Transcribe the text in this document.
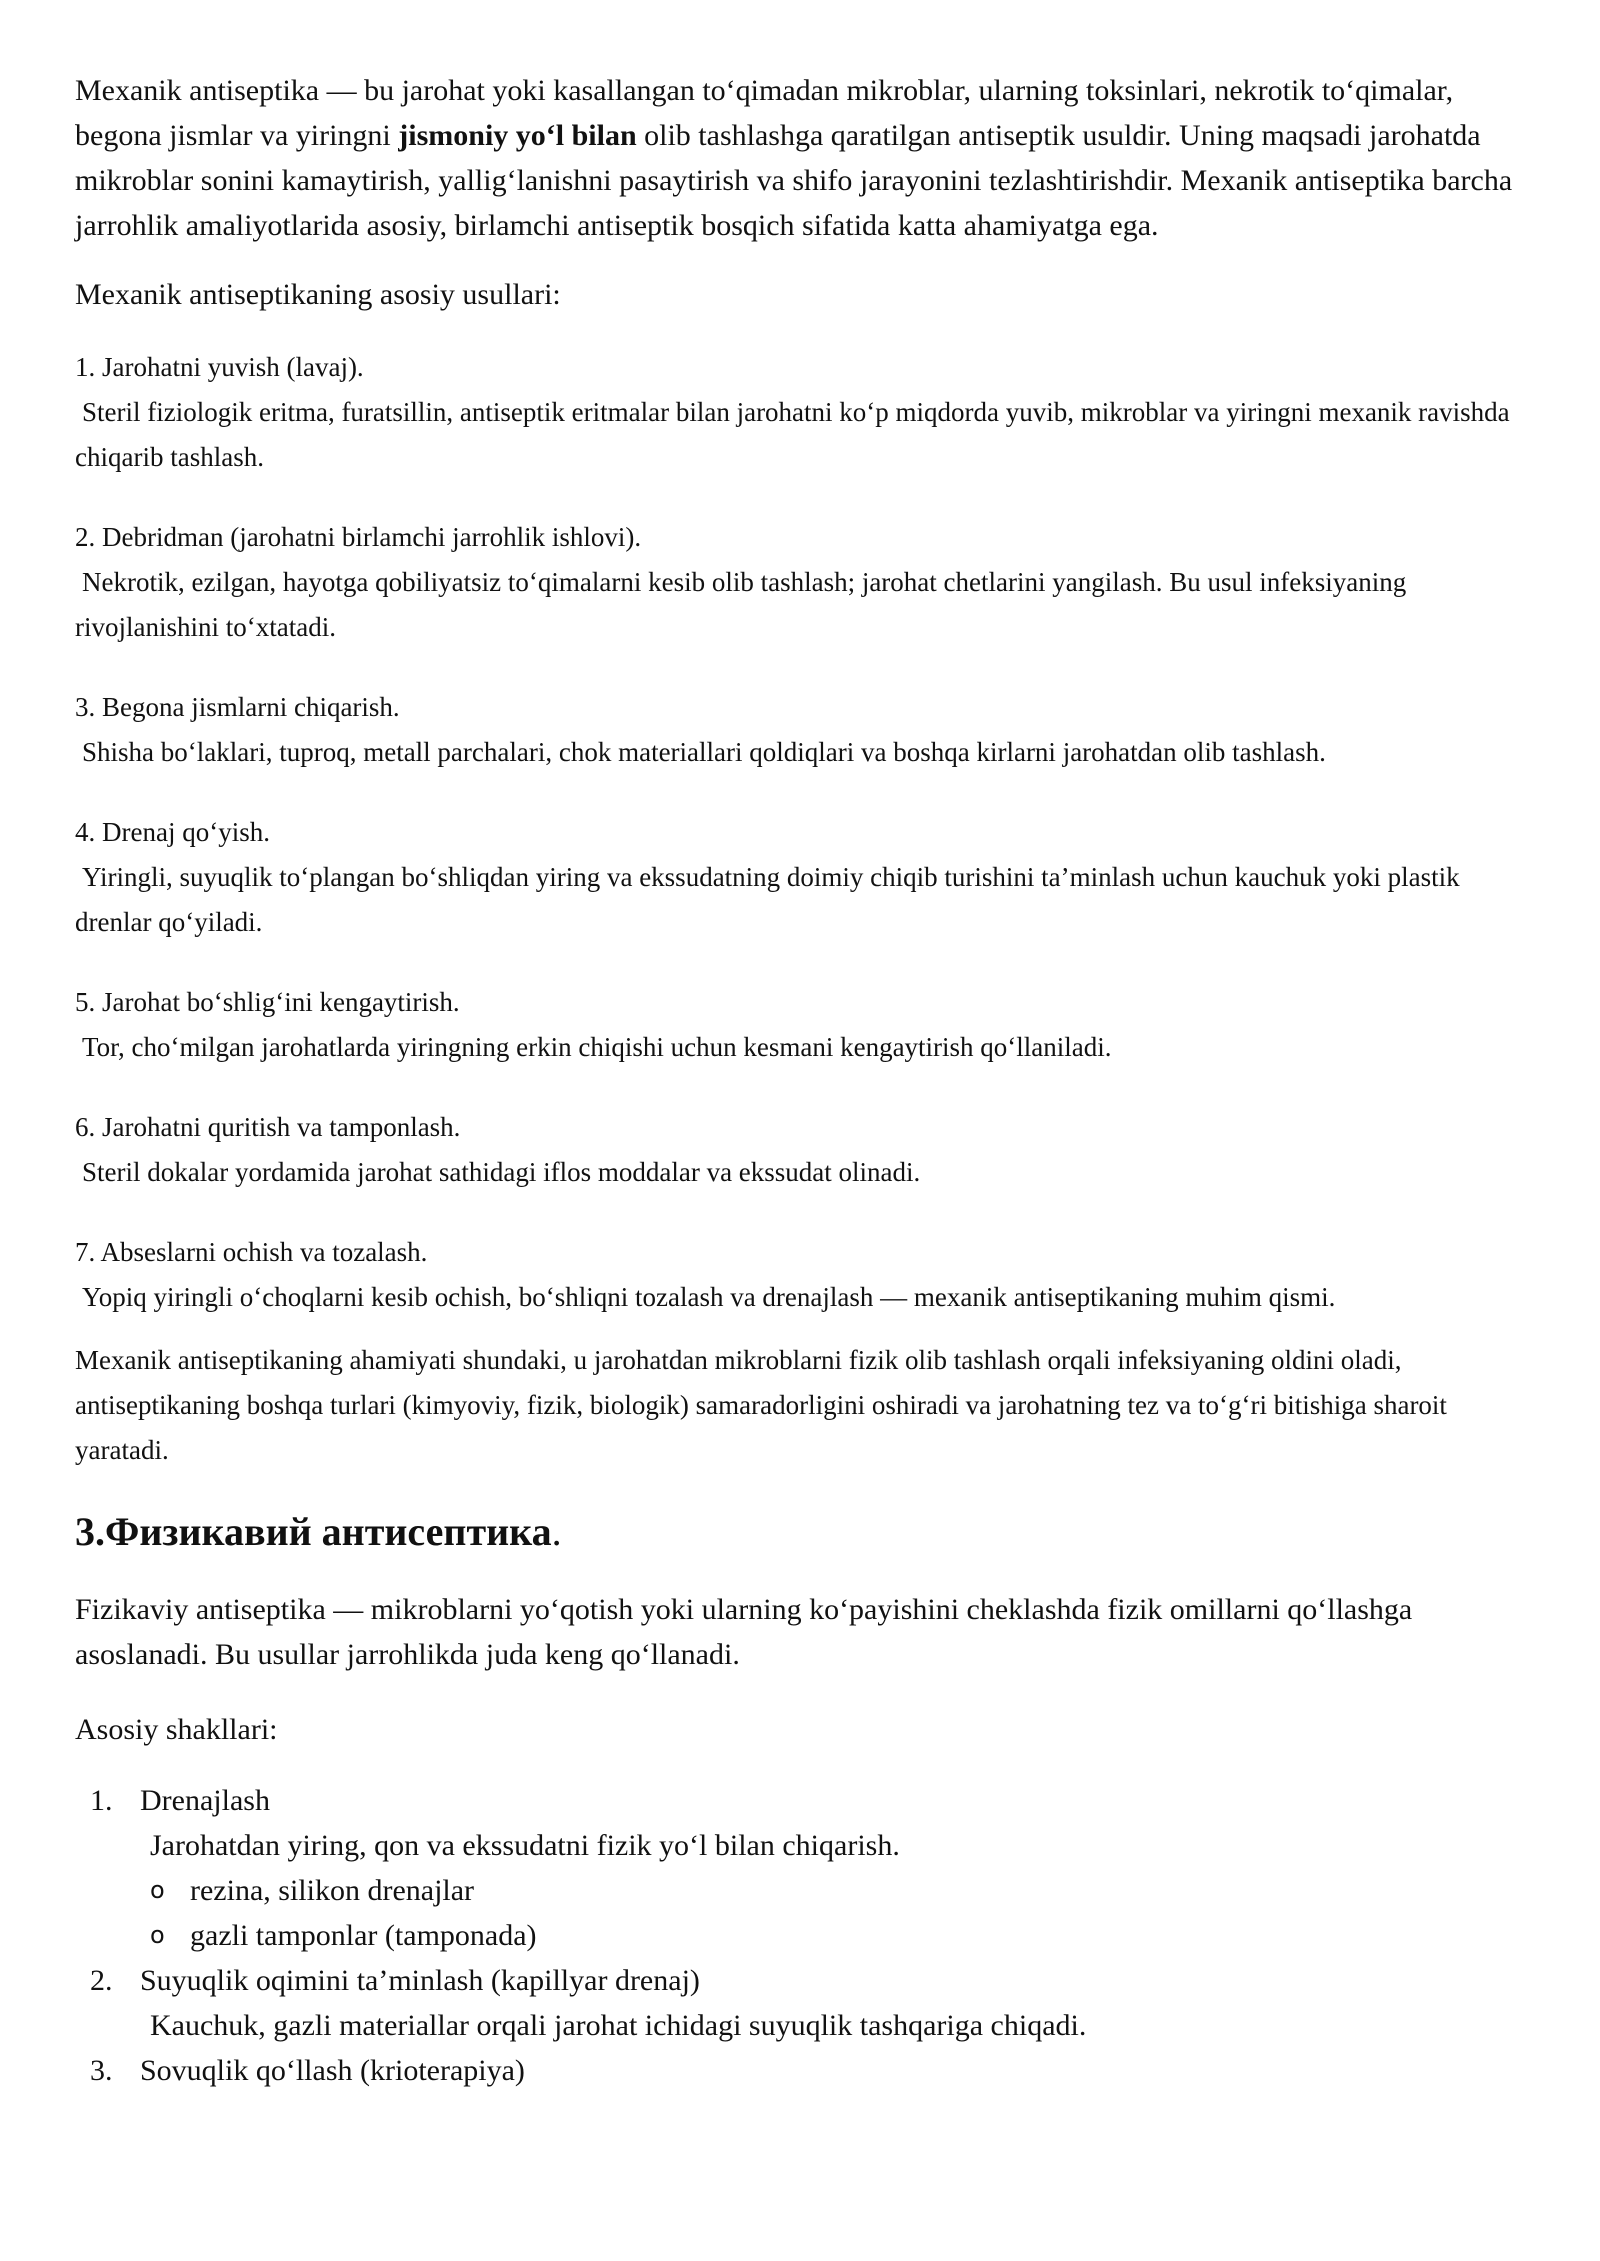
Mexanik antiseptika — bu jarohat yoki kasallangan to‘qimadan mikroblar, ularning toksinlari, nekrotik to‘qimalar, begona jismlar va yiringni jismoniy yo‘l bilan olib tashlashga qaratilgan antiseptik usuldir. Uning maqsadi jarohatda mikroblar sonini kamaytirish, yallig‘lanishni pasaytirish va shifo jarayonini tezlashtirishdir. Mexanik antiseptika barcha jarrohlik amaliyotlarida asosiy, birlamchi antiseptik bosqich sifatida katta ahamiyatga ega.

Mexanik antiseptikaning asosiy usullari:

1. Jarohatni yuvish (lavaj).
Steril fiziologik eritma, furatsillin, antiseptik eritmalar bilan jarohatni ko‘p miqdorda yuvib, mikroblar va yiringni mexanik ravishda chiqarib tashlash.
2. Debridman (jarohatni birlamchi jarrohlik ishlovi).
Nekrotik, ezilgan, hayotga qobiliyatsiz to‘qimalarni kesib olib tashlash; jarohat chetlarini yangilash. Bu usul infeksiyaning rivojlanishini to‘xtatadi.
3. Begona jismlarni chiqarish.
Shisha bo‘laklari, tuproq, metall parchalari, chok materiallari qoldiqlari va boshqa kirlarni jarohatdan olib tashlash.
4. Drenaj qo‘yish.
Yiringli, suyuqlik to‘plangan bo‘shliqdan yiring va ekssudatning doimiy chiqib turishini ta’minlash uchun kauchuk yoki plastik drenlar qo‘yiladi.
5. Jarohat bo‘shlig‘ini kengaytirish.
Tor, cho‘milgan jarohatlarda yiringning erkin chiqishi uchun kesmani kengaytirish qo‘llaniladi.
6. Jarohatni quritish va tamponlash.
Steril dokalar yordamida jarohat sathidagi iflos moddalar va ekssudat olinadi.
7. Abseslarni ochish va tozalash.
Yopiq yiringli o‘choqlarni kesib ochish, bo‘shliqni tozalash va drenajlash — mexanik antiseptikaning muhim qismi.

Mexanik antiseptikaning ahamiyati shundaki, u jarohatdan mikroblarni fizik olib tashlash orqali infeksiyaning oldini oladi, antiseptikaning boshqa turlari (kimyoviy, fizik, biologik) samaradorligini oshiradi va jarohatning tez va to‘g‘ri bitishiga sharoit yaratadi.

3.Физикавий антисептика.

Fizikaviy antiseptika — mikroblarni yo‘qotish yoki ularning ko‘payishini cheklashda fizik omillarni qo‘llashga asoslanadi. Bu usullar jarrohlikda juda keng qo‘llanadi.

Asosiy shakllari:

1. Drenajlash
Jarohatdan yiring, qon va ekssudatni fizik yo‘l bilan chiqarish.
o rezina, silikon drenajlar
o gazli tamponlar (tamponada)
2. Suyuqlik oqimini ta’minlash (kapillyar drenaj)
Kauchuk, gazli materiallar orqali jarohat ichidagi suyuqlik tashqariga chiqadi.
3. Sovuqlik qo‘llash (krioterapiya)
